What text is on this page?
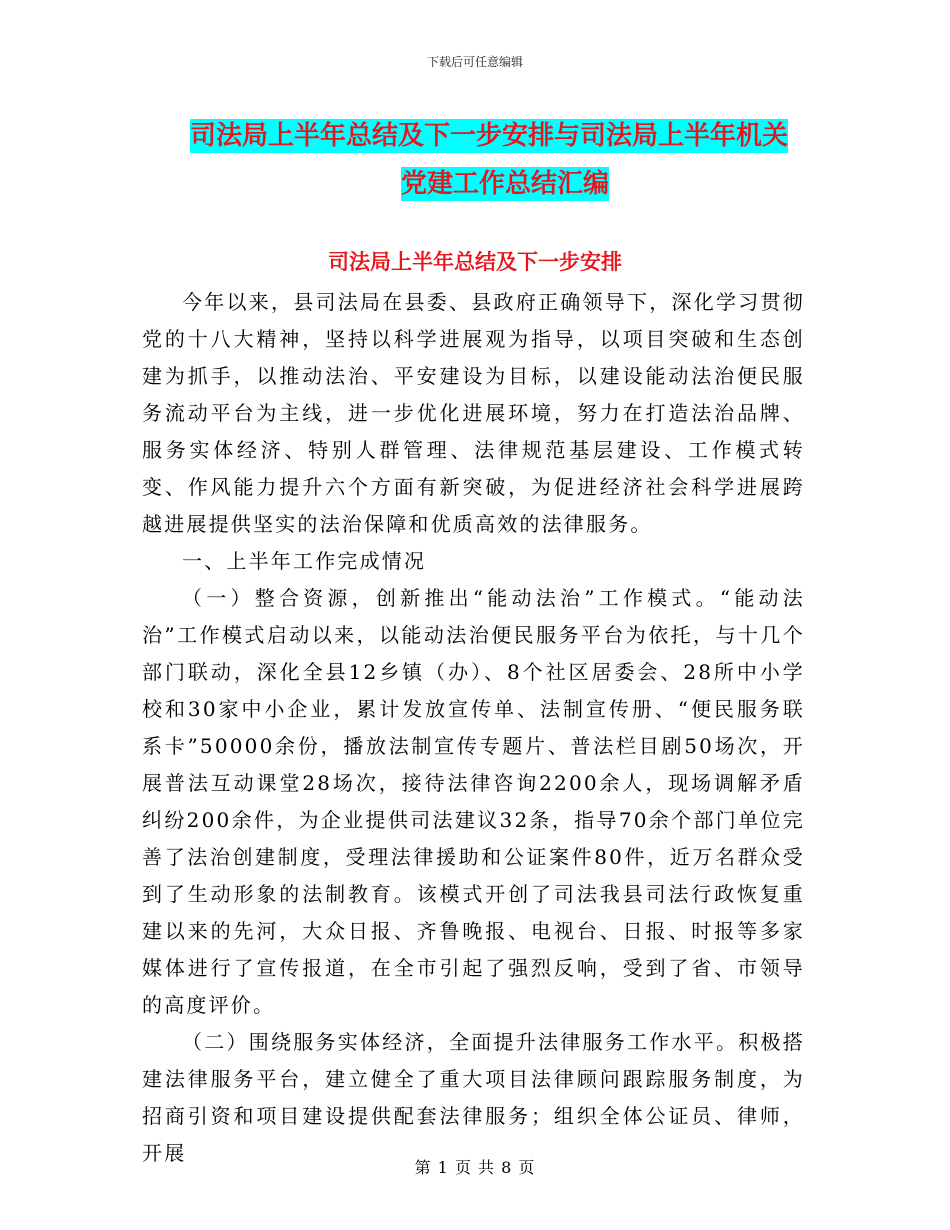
下载后可任意编辑
司法局上半年总结及下一步安排与司法局上半年机关
党建工作总结汇编
司法局上半年总结及下一步安排

今年以来，县司法局在县委、县政府正确领导下，深化学习贯彻党的十八大精神，坚持以科学进展观为指导，以项目突破和生态创建为抓手，以推动法治、平安建设为目标，以建设能动法治便民服务流动平台为主线，进一步优化进展环境，努力在打造法治品牌、服务实体经济、特别人群管理、法律规范基层建设、工作模式转变、作风能力提升六个方面有新突破，为促进经济社会科学进展跨越进展提供坚实的法治保障和优质高效的法律服务。

一、上半年工作完成情况

（一）整合资源，创新推出“能动法治”工作模式。“能动法治”工作模式启动以来，以能动法治便民服务平台为依托，与十几个部门联动，深化全县12乡镇（办）、8个社区居委会、28所中小学校和30家中小企业，累计发放宣传单、法制宣传册、“便民服务联系卡”50000余份，播放法制宣传专题片、普法栏目剧50场次，开展普法互动课堂28场次，接待法律咨询2200余人，现场调解矛盾纠纷200余件，为企业提供司法建议32条，指导70余个部门单位完善了法治创建制度，受理法律援助和公证案件80件，近万名群众受到了生动形象的法制教育。该模式开创了司法我县司法行政恢复重建以来的先河，大众日报、齐鲁晚报、电视台、日报、时报等多家媒体进行了宣传报道，在全市引起了强烈反响，受到了省、市领导的高度评价。

（二）围绕服务实体经济，全面提升法律服务工作水平。积极搭建法律服务平台，建立健全了重大项目法律顾问跟踪服务制度，为招商引资和项目建设提供配套法律服务；组织全体公证员、律师，开展

第 1 页 共 8 页
